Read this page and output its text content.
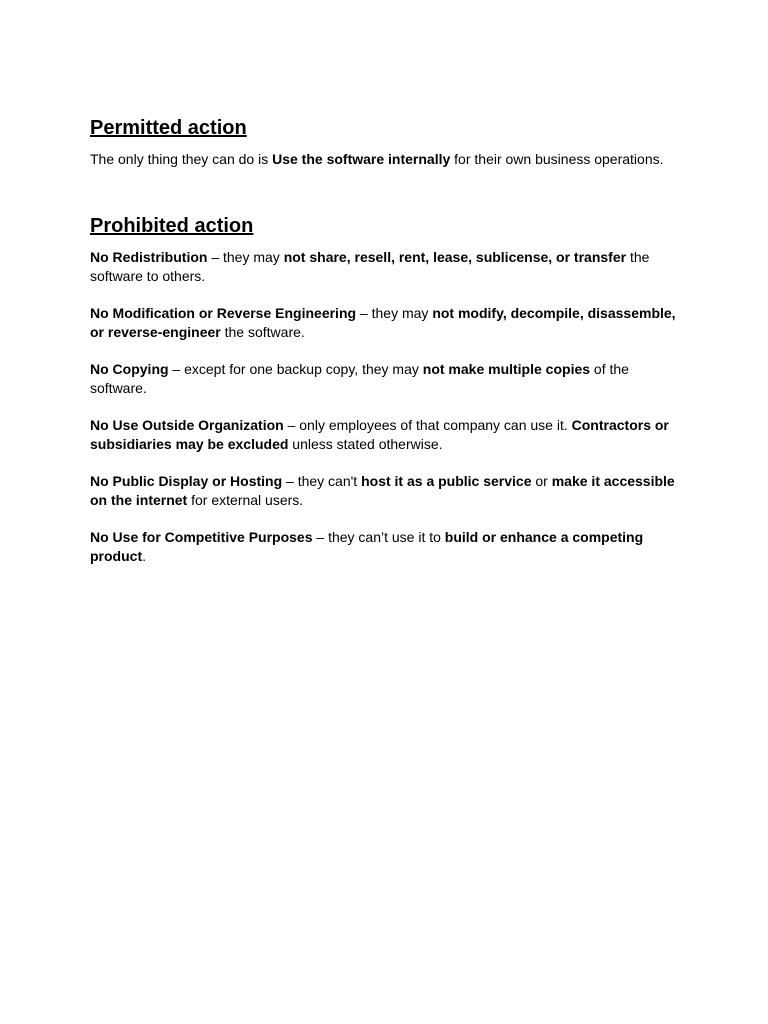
Permitted action

The only thing they can do is Use the software internally for their own business operations.

Prohibited action

No Redistribution – they may not share, resell, rent, lease, sublicense, or transfer the software to others.

No Modification or Reverse Engineering – they may not modify, decompile, disassemble, or reverse-engineer the software.

No Copying – except for one backup copy, they may not make multiple copies of the software.

No Use Outside Organization – only employees of that company can use it. Contractors or subsidiaries may be excluded unless stated otherwise.

No Public Display or Hosting – they can't host it as a public service or make it accessible on the internet for external users.

No Use for Competitive Purposes – they can’t use it to build or enhance a competing product.
